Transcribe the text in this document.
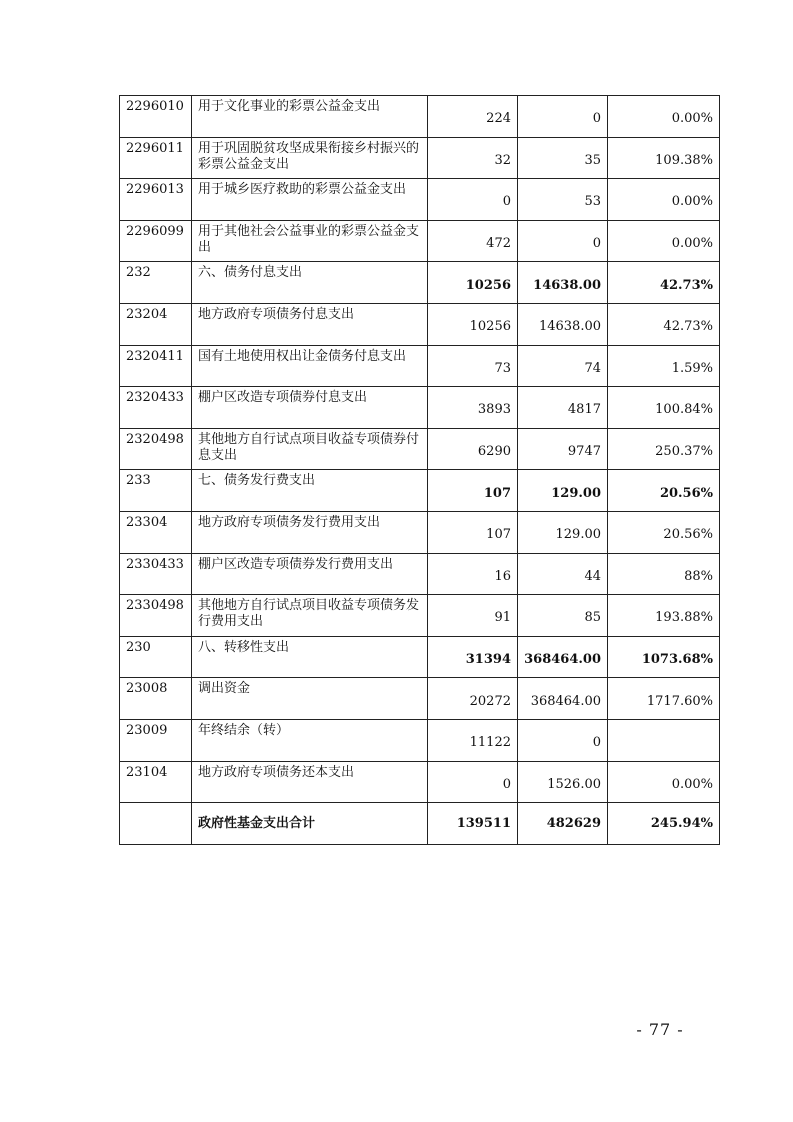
2296010	用于文化事业的彩票公益金支出	224	0	0.00%
2296011	用于巩固脱贫攻坚成果衔接乡村振兴的彩票公益金支出	32	35	109.38%
2296013	用于城乡医疗救助的彩票公益金支出	0	53	0.00%
2296099	用于其他社会公益事业的彩票公益金支出	472	0	0.00%
232	六、债务付息支出	10256	14638.00	42.73%
23204	地方政府专项债务付息支出	10256	14638.00	42.73%
2320411	国有土地使用权出让金债务付息支出	73	74	1.59%
2320433	棚户区改造专项债券付息支出	3893	4817	100.84%
2320498	其他地方自行试点项目收益专项债券付息支出	6290	9747	250.37%
233	七、债务发行费支出	107	129.00	20.56%
23304	地方政府专项债务发行费用支出	107	129.00	20.56%
2330433	棚户区改造专项债券发行费用支出	16	44	88%
2330498	其他地方自行试点项目收益专项债务发行费用支出	91	85	193.88%
230	八、转移性支出	31394	368464.00	1073.68%
23008	调出资金	20272	368464.00	1717.60%
23009	年终结余（转）	11122	0	
23104	地方政府专项债务还本支出	0	1526.00	0.00%
	政府性基金支出合计	139511	482629	245.94%
- 77 -
